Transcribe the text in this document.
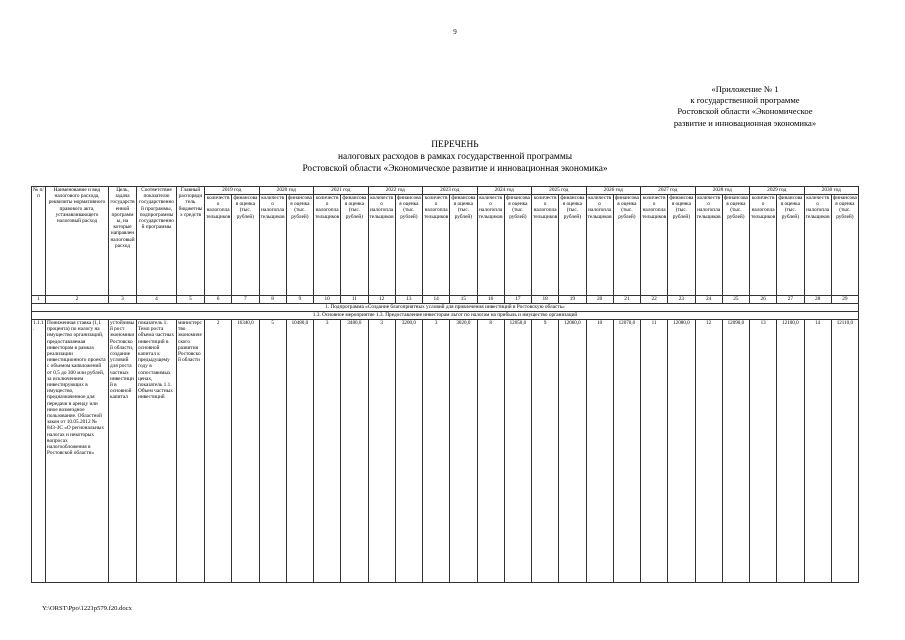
9
«Приложение № 1
к государственной программе
Ростовской области «Экономическое
развитие и инновационная экономика»
ПЕРЕЧЕНЬ
налоговых расходов в рамках государственной программы
Ростовской области «Экономическое развитие и инновационная экономика»
№ п/п	Наименование и вид налогового расхода, реквизиты нормативного правового акта, устанавливающего налоговый расход	Цель, задача государственной программы, на которые направлен налоговый расход	Соответствие показателю государственной программы, подпрограммы государственной программы	Главный распорядитель бюджетных средств	2019 год		2020 год		2021 год		2022 год		2023 год		2024 год		2025 год		2026 год		2027 год		2028 год		2029 год		2030 год	
					количество налогоплательщиков	финансовая оценка (тыс. рублей)	количество налогоплательщиков	финансовая оценка (тыс. рублей)	количество налогоплательщиков	финансовая оценка (тыс. рублей)	количество налогоплательщиков	финансовая оценка (тыс. рублей)	количество налогоплательщиков	финансовая оценка (тыс. рублей)	количество налогоплательщиков	финансовая оценка (тыс. рублей)	количество налогоплательщиков	финансовая оценка (тыс. рублей)	количество налогоплательщиков	финансовая оценка (тыс. рублей)	количество налогоплательщиков	финансовая оценка (тыс. рублей)	количество налогоплательщиков	финансовая оценка (тыс. рублей)	количество налогоплательщиков	финансовая оценка (тыс. рублей)	количество налогоплательщиков	финансовая оценка (тыс. рублей)
1	2	3	4	5	6	7	8	9	10	11	12	13	14	15	16	17	18	19	20	21	22	23	24	25	26	27	28	29
1. Подпрограмма «Создание благоприятных условий для привлечения инвестиций в Ростовскую область»																												
1.3. Основное мероприятие 1.3. Предоставление инвесторам льгот по налогам на прибыль и имущество организаций																												
1.1.1.	Пониженная ставка (1,1 процента) по налогу на имущество организаций, предоставляемая инвесторам в рамках реализации инвестиционного проекта с объемом капвложений от 0,5 до 300 млн рублей, за исключением инвестирующих в имущество, предназначенное для передачи в аренду или иное возмездное пользование. Областной закон от 10.05.2012 № 843-ЗС «О региональных налогах и некоторых вопросах налогообложения в Ростовской области»	устойчивый рост экономики Ростовской области, создание условий для роста частных инвестиций в основной капитал	показатель 1. Темп роста объема частных инвестиций в основной капитал к предыдущему году в сопоставимых ценах, показатель 1.1. Объем частных инвестиций	министерство экономического развития Ростовской области	2	16340,0	5	10480,0	3	3480,0	3	3200,0	3	3020,0	8	12050,0	9	12060,0	10	12070,0	11	12080,0	12	12090,0	13	12100,0	14	12110,0
Y:\ORST\Ppo\1221p579.f20.docx
